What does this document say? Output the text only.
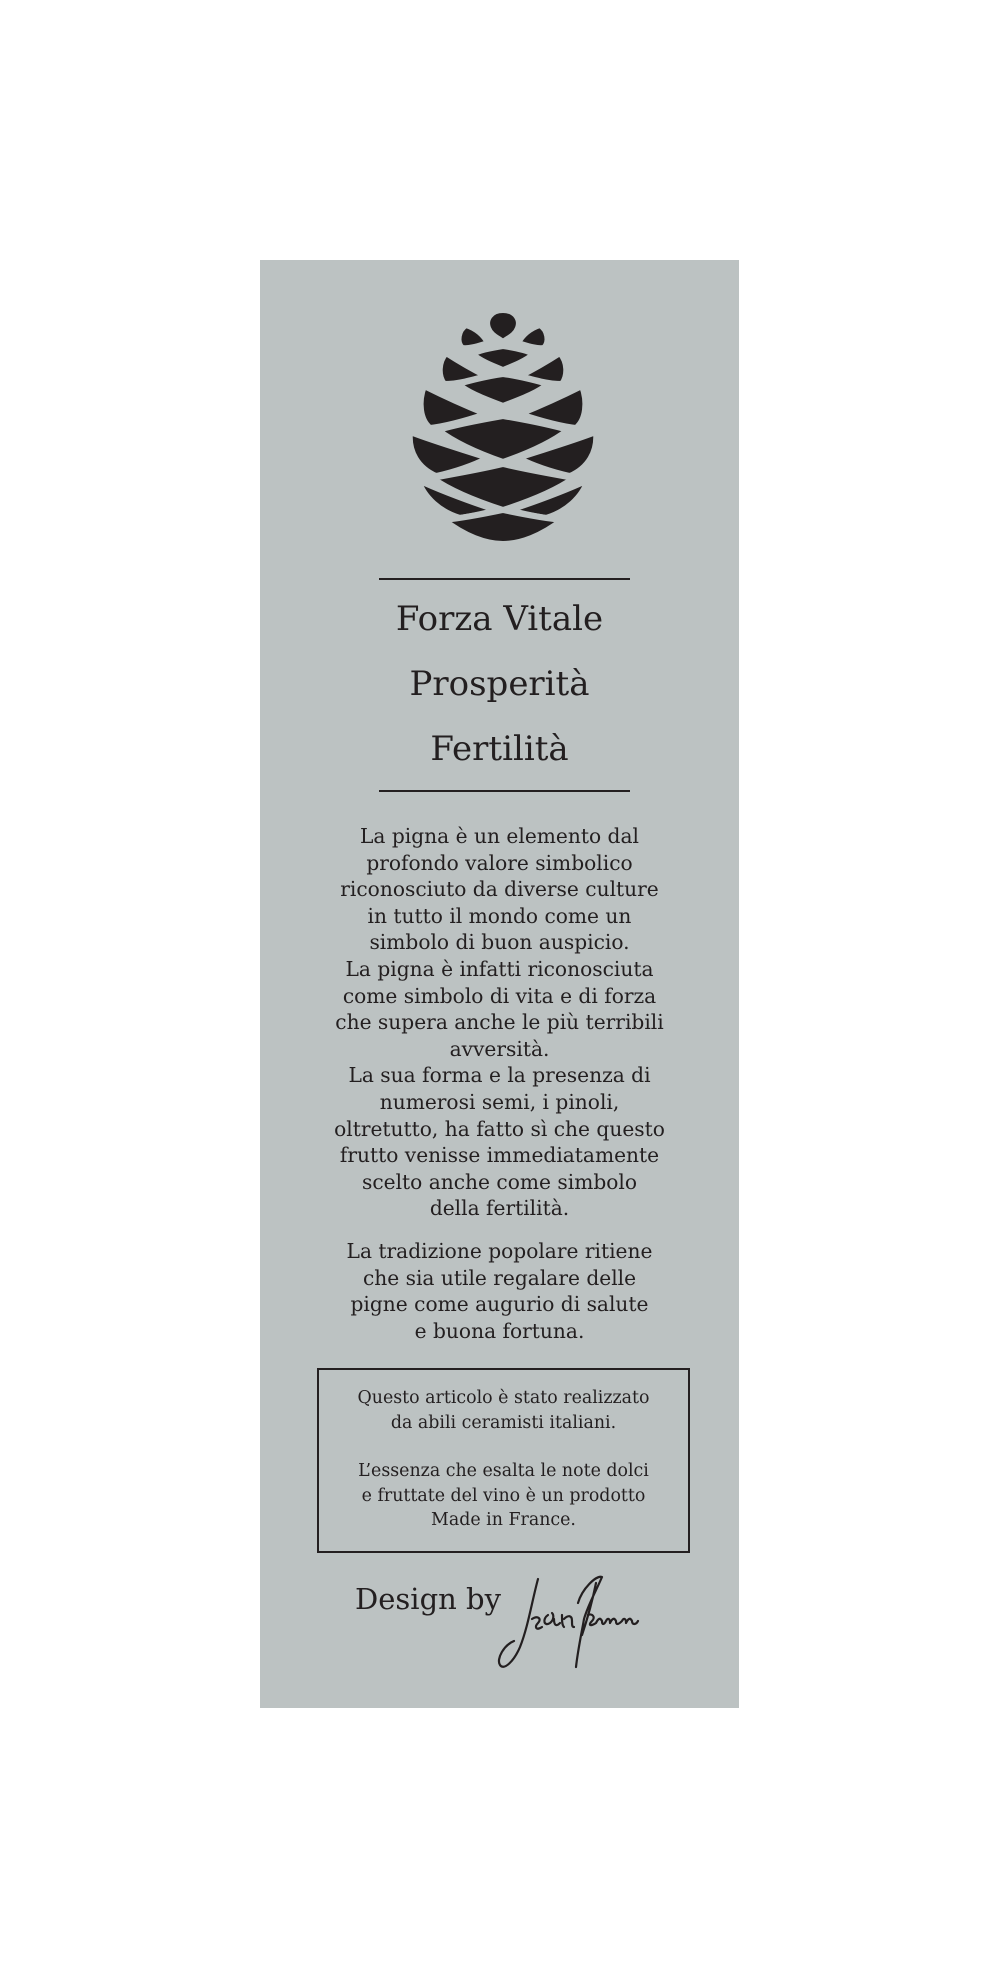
Forza Vitale
Prosperità
Fertilità
La pigna è un elemento dal
profondo valore simbolico
riconosciuto da diverse culture
in tutto il mondo come un
simbolo di buon auspicio.
La pigna è infatti riconosciuta
come simbolo di vita e di forza
che supera anche le più terribili
avversità.
La sua forma e la presenza di
numerosi semi, i pinoli,
oltretutto, ha fatto sì che questo
frutto venisse immediatamente
scelto anche come simbolo
della fertilità.
La tradizione popolare ritiene
che sia utile regalare delle
pigne come augurio di salute
e buona fortuna.
Questo articolo è stato realizzato
da abili ceramisti italiani.
L’essenza che esalta le note dolci
e fruttate del vino è un prodotto
Made in France.
Design by
